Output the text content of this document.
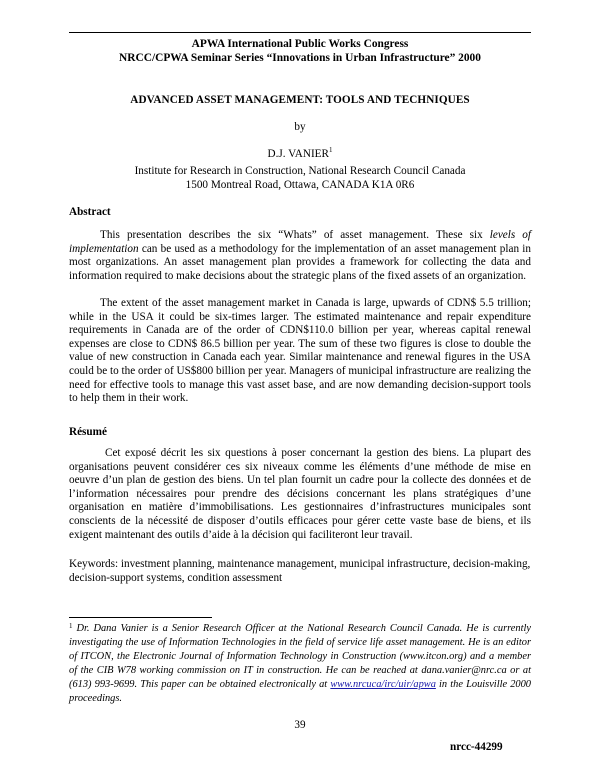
APWA International Public Works Congress
NRCC/CPWA Seminar Series “Innovations in Urban Infrastructure” 2000
ADVANCED ASSET MANAGEMENT: TOOLS AND TECHNIQUES
by
D.J. VANIER$^1$
Institute for Research in Construction, National Research Council Canada
1500 Montreal Road, Ottawa, CANADA K1A 0R6
Abstract
This presentation describes the six “Whats” of asset management. These six levels of implementation can be used as a methodology for the implementation of an asset management plan in most organizations. An asset management plan provides a framework for collecting the data and information required to make decisions about the strategic plans of the fixed assets of an organization.
The extent of the asset management market in Canada is large, upwards of CDN$ 5.5 trillion; while in the USA it could be six-times larger. The estimated maintenance and repair expenditure requirements in Canada are of the order of CDN$110.0 billion per year, whereas capital renewal expenses are close to CDN$ 86.5 billion per year. The sum of these two figures is close to double the value of new construction in Canada each year. Similar maintenance and renewal figures in the USA could be to the order of US$800 billion per year. Managers of municipal infrastructure are realizing the need for effective tools to manage this vast asset base, and are now demanding decision-support tools to help them in their work.
Résumé
Cet exposé décrit les six questions à poser concernant la gestion des biens. La plupart des organisations peuvent considérer ces six niveaux comme les éléments d’une méthode de mise en oeuvre d’un plan de gestion des biens. Un tel plan fournit un cadre pour la collecte des données et de l’information nécessaires pour prendre des décisions concernant les plans stratégiques d’une organisation en matière d’immobilisations. Les gestionnaires d’infrastructures municipales sont conscients de la nécessité de disposer d’outils efficaces pour gérer cette vaste base de biens, et ils exigent maintenant des outils d’aide à la décision qui faciliteront leur travail.
Keywords: investment planning, maintenance management, municipal infrastructure, decision-making, decision-support systems, condition assessment
$^1$ Dr. Dana Vanier is a Senior Research Officer at the National Research Council Canada. He is currently investigating the use of Information Technologies in the field of service life asset management. He is an editor of ITCON, the Electronic Journal of Information Technology in Construction (www.itcon.org) and a member of the CIB W78 working commission on IT in construction. He can be reached at dana.vanier@nrc.ca or at (613) 993-9699. This paper can be obtained electronically at www.nrcuca/irc/uir/apwa in the Louisville 2000 proceedings.
39
nrcc-44299
